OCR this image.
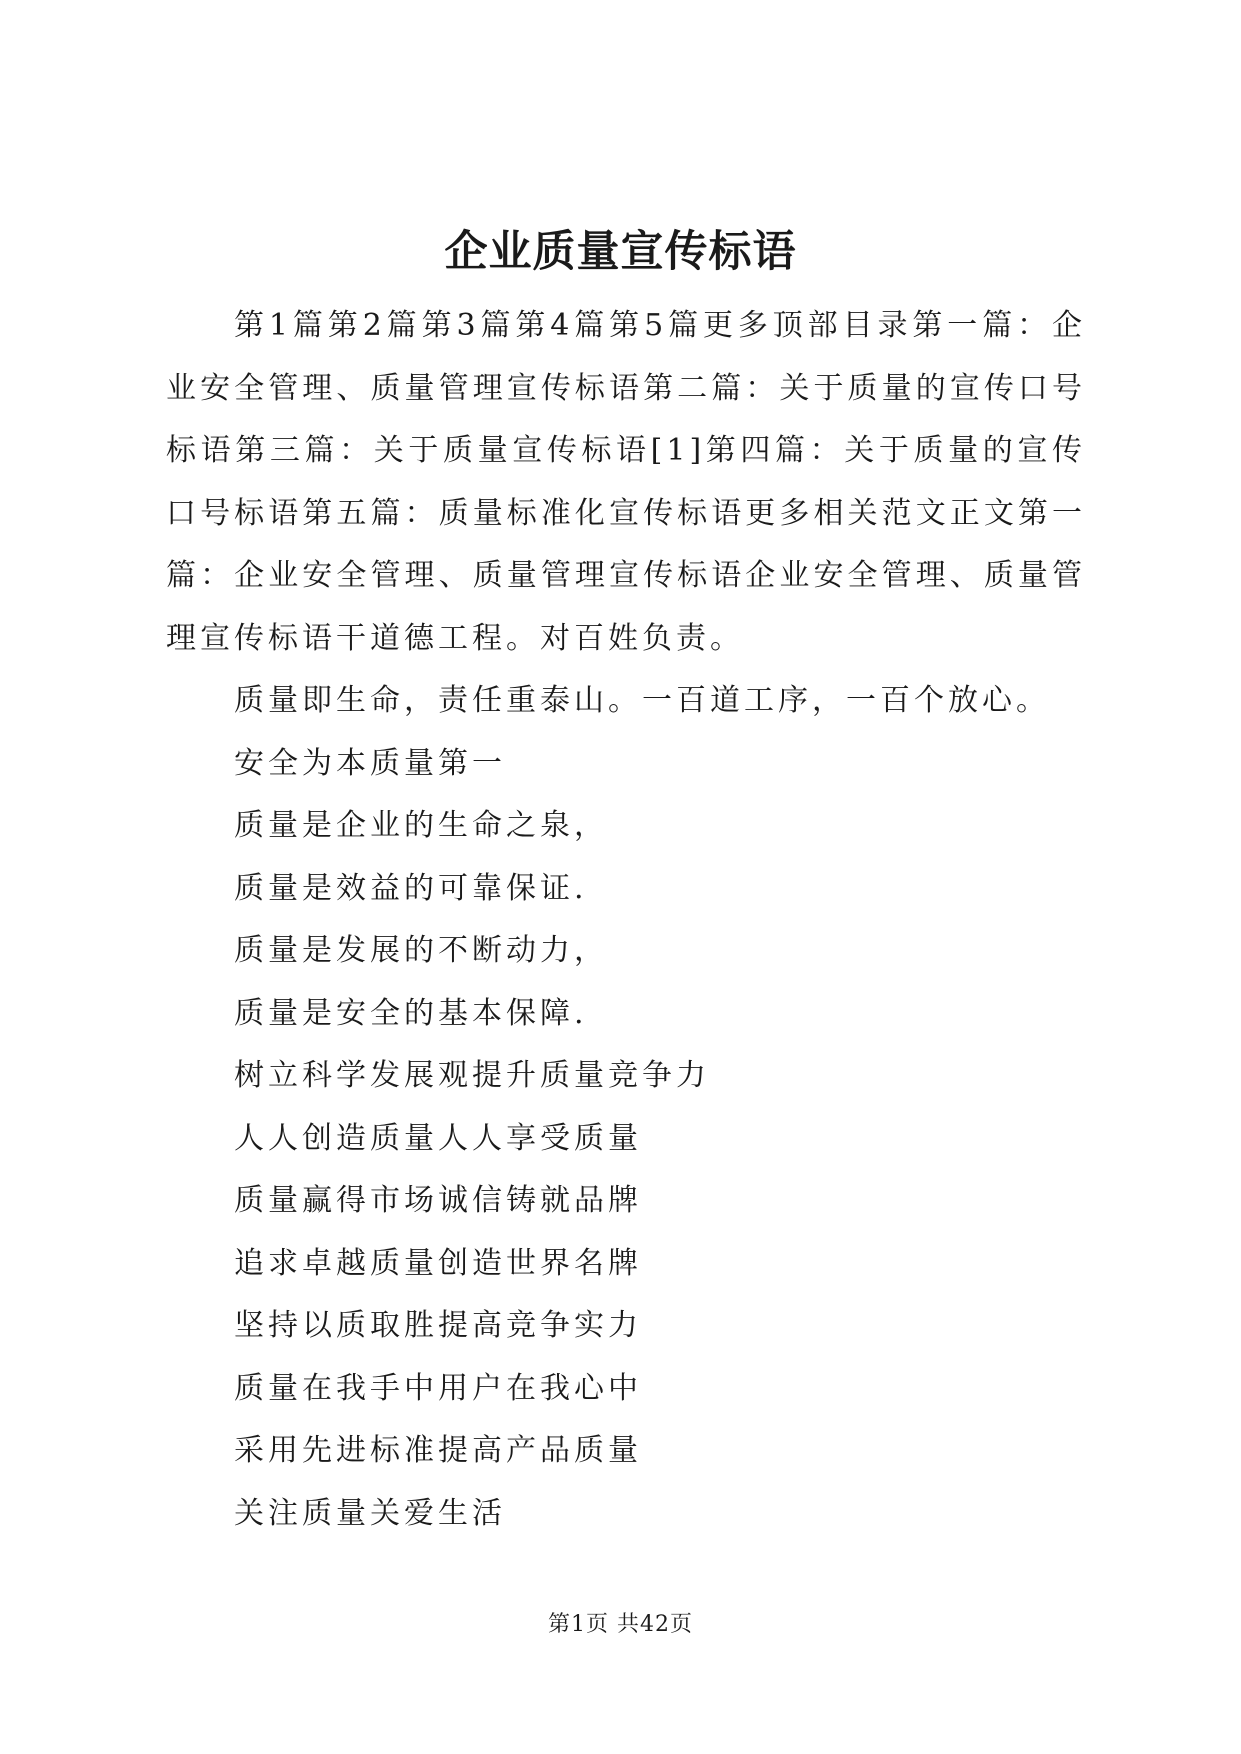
企业质量宣传标语

第1篇第2篇第3篇第4篇第5篇更多顶部目录第一篇：企业安全管理、质量管理宣传标语第二篇：关于质量的宣传口号标语第三篇：关于质量宣传标语[1]第四篇：关于质量的宣传口号标语第五篇：质量标准化宣传标语更多相关范文正文第一篇：企业安全管理、质量管理宣传标语企业安全管理、质量管理宣传标语干道德工程。对百姓负责。

质量即生命，责任重泰山。一百道工序，一百个放心。
安全为本质量第一
质量是企业的生命之泉，
质量是效益的可靠保证.
质量是发展的不断动力，
质量是安全的基本保障.
树立科学发展观提升质量竞争力
人人创造质量人人享受质量
质量赢得市场诚信铸就品牌
追求卓越质量创造世界名牌
坚持以质取胜提高竞争实力
质量在我手中用户在我心中
采用先进标准提高产品质量
关注质量关爱生活
第1页 共42页
